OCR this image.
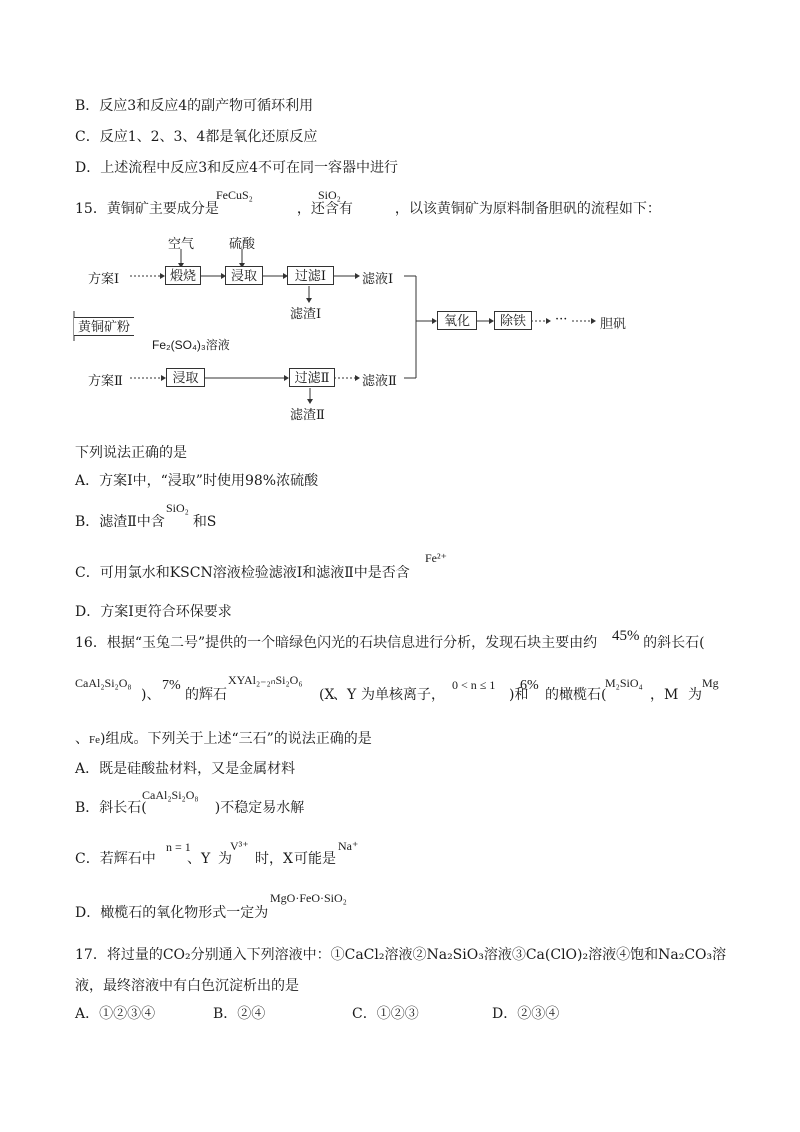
B．反应3和反应4的副产物可循环利用
C．反应1、2、3、4都是氧化还原反应
D．上述流程中反应3和反应4不可在同一容器中进行
15．黄铜矿主要成分是	，还含有	，以该黄铜矿为原料制备胆矾的流程如下：
FeCuS₂	SiO₂
空气	硫酸
方案Ⅰ	煅烧	浸取	过滤Ⅰ	滤液Ⅰ
滤渣Ⅰ
黄铜矿粉
Fe₂(SO₄)₃溶液
方案Ⅱ	浸取	过滤Ⅱ	滤液Ⅱ
滤渣Ⅱ
氧化	除铁	···	胆矾
下列说法正确的是
A．方案Ⅰ中，“浸取”时使用98%浓硫酸
B．滤渣Ⅱ中含 和S
SiO₂
C．可用氯水和KSCN溶液检验滤液Ⅰ和滤液Ⅱ中是否含
Fe²⁺
D．方案Ⅰ更符合环保要求
16．根据“玉兔二号”提供的一个暗绿色闪光的石块信息进行分析，发现石块主要由约	的斜长石(
45%
CaAl₂Si₂O₈
)、
7%
的辉石
XYAl₂₋₂ₙSi₂O₆
(X
、Y 为单核离子，
0 < n ≤ 1
)和
6%
的橄榄石(
M₂SiO₄
，M 为
Mg
、Fe)组成。下列关于上述“三石”的说法正确的是
A．既是硅酸盐材料，又是金属材料
B．斜长石(	)不稳定易水解
CaAl₂Si₂O₈
C．若辉石中
n = 1
、Y 为
V³⁺
时，X 可能是
Na⁺
D．橄榄石的氧化物形式一定为
MgO·FeO·SiO₂
17．将过量的CO₂分别通入下列溶液中：①CaCl₂溶液②Na₂SiO₃溶液③Ca(ClO)₂溶液④饱和Na₂CO₃溶
液，最终溶液中有白色沉淀析出的是
A．①②③④	B．②④	C．①②③	D．②③④
